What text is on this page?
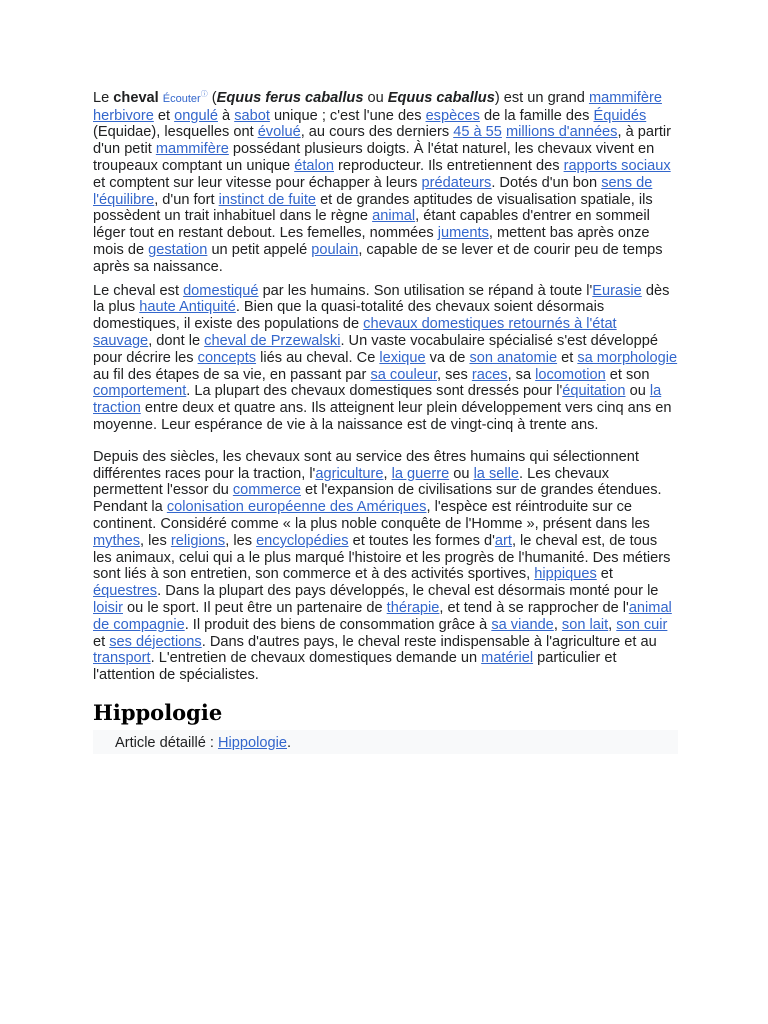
Le cheval Écouterⓘ (Equus ferus caballus ou Equus caballus) est un grand mammifère herbivore et ongulé à sabot unique ; c'est l'une des espèces de la famille des Équidés (Equidae), lesquelles ont évolué, au cours des derniers 45 à 55 millions d'années, à partir d'un petit mammifère possédant plusieurs doigts. À l'état naturel, les chevaux vivent en troupeaux comptant un unique étalon reproducteur. Ils entretiennent des rapports sociaux et comptent sur leur vitesse pour échapper à leurs prédateurs. Dotés d'un bon sens de l'équilibre, d'un fort instinct de fuite et de grandes aptitudes de visualisation spatiale, ils possèdent un trait inhabituel dans le règne animal, étant capables d'entrer en sommeil léger tout en restant debout. Les femelles, nommées juments, mettent bas après onze mois de gestation un petit appelé poulain, capable de se lever et de courir peu de temps après sa naissance.

Le cheval est domestiqué par les humains. Son utilisation se répand à toute l'Eurasie dès la plus haute Antiquité. Bien que la quasi-totalité des chevaux soient désormais domestiques, il existe des populations de chevaux domestiques retournés à l'état sauvage, dont le cheval de Przewalski. Un vaste vocabulaire spécialisé s'est développé pour décrire les concepts liés au cheval. Ce lexique va de son anatomie et sa morphologie au fil des étapes de sa vie, en passant par sa couleur, ses races, sa locomotion et son comportement. La plupart des chevaux domestiques sont dressés pour l'équitation ou la traction entre deux et quatre ans. Ils atteignent leur plein développement vers cinq ans en moyenne. Leur espérance de vie à la naissance est de vingt-cinq à trente ans.

Depuis des siècles, les chevaux sont au service des êtres humains qui sélectionnent différentes races pour la traction, l'agriculture, la guerre ou la selle. Les chevaux permettent l'essor du commerce et l'expansion de civilisations sur de grandes étendues. Pendant la colonisation européenne des Amériques, l'espèce est réintroduite sur ce continent. Considéré comme « la plus noble conquête de l'Homme », présent dans les mythes, les religions, les encyclopédies et toutes les formes d'art, le cheval est, de tous les animaux, celui qui a le plus marqué l'histoire et les progrès de l'humanité. Des métiers sont liés à son entretien, son commerce et à des activités sportives, hippiques et équestres. Dans la plupart des pays développés, le cheval est désormais monté pour le loisir ou le sport. Il peut être un partenaire de thérapie, et tend à se rapprocher de l'animal de compagnie. Il produit des biens de consommation grâce à sa viande, son lait, son cuir et ses déjections. Dans d'autres pays, le cheval reste indispensable à l'agriculture et au transport. L'entretien de chevaux domestiques demande un matériel particulier et l'attention de spécialistes.

Hippologie
Article détaillé : Hippologie.
